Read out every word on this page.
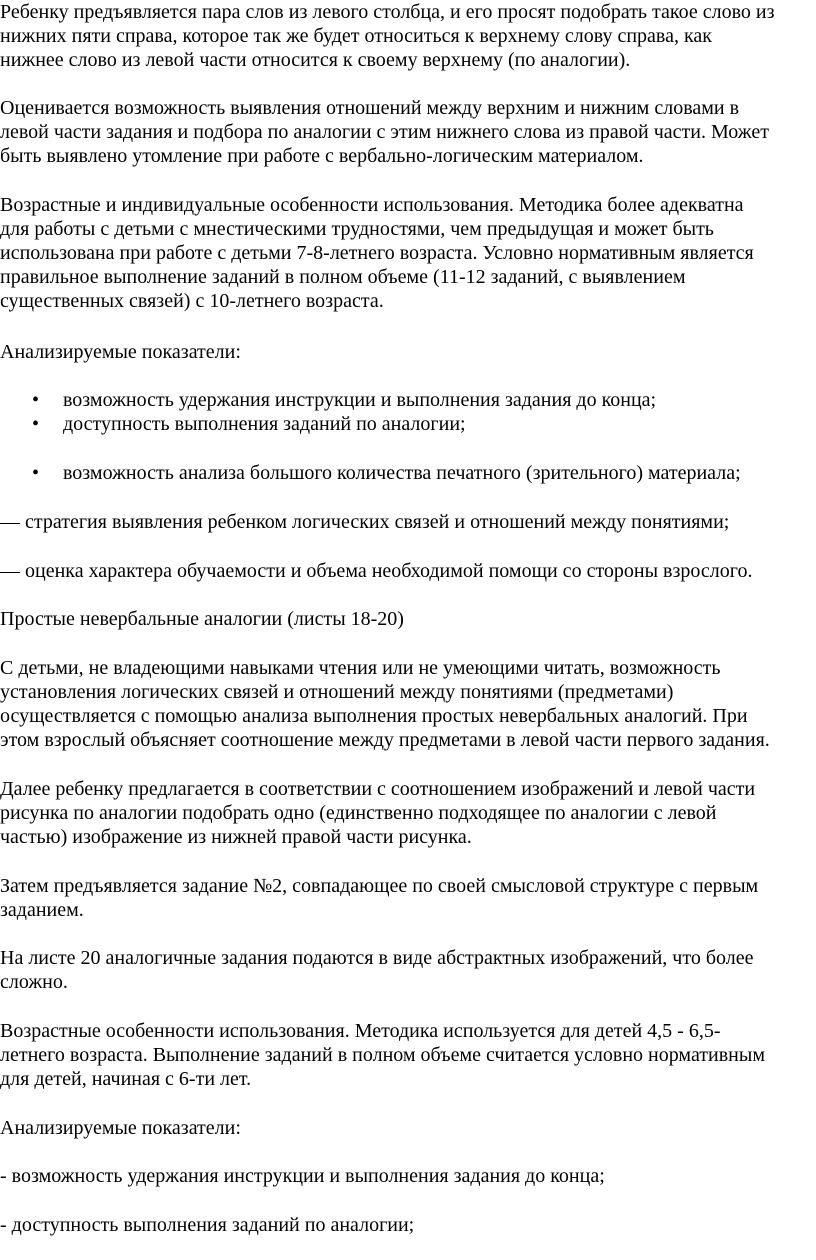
Ребенку предъявляется пара слов из левого столбца, и его просят подобрать такое слово из
нижних пяти справа, которое так же будет относиться к верхнему слову справа, как
нижнее слово из левой части относится к своему верхнему (по аналогии).

Оценивается возможность выявления отношений между верхним и нижним словами в
левой части задания и подбора по аналогии с этим нижнего слова из правой части. Может
быть выявлено утомление при работе с вербально-логическим материалом.

Возрастные и индивидуальные особенности использования. Методика более адекватна
для работы с детьми с мнестическими трудностями, чем предыдущая и может быть
использована при работе с детьми 7-8-летнего возраста. Условно нормативным является
правильное выполнение заданий в полном объеме (11-12 заданий, с выявлением
существенных связей) с 10-летнего возраста.

Анализируемые показатели:

• возможность удержания инструкции и выполнения задания до конца;
• доступность выполнения заданий по аналогии;
• возможность анализа большого количества печатного (зрительного) материала;

— стратегия выявления ребенком логических связей и отношений между понятиями;

— оценка характера обучаемости и объема необходимой помощи со стороны взрослого.

Простые невербальные аналогии (листы 18-20)

С детьми, не владеющими навыками чтения или не умеющими читать, возможность
установления логических связей и отношений между понятиями (предметами)
осуществляется с помощью анализа выполнения простых невербальных аналогий. При
этом взрослый объясняет соотношение между предметами в левой части первого задания.

Далее ребенку предлагается в соответствии с соотношением изображений и левой части
рисунка по аналогии подобрать одно (единственно подходящее по аналогии с левой
частью) изображение из нижней правой части рисунка.

Затем предъявляется задание №2, совпадающее по своей смысловой структуре с первым
заданием.

На листе 20 аналогичные задания подаются в виде абстрактных изображений, что более
сложно.

Возрастные особенности использования. Методика используется для детей 4,5 - 6,5-
летнего возраста. Выполнение заданий в полном объеме считается условно нормативным
для детей, начиная с 6-ти лет.

Анализируемые показатели:

- возможность удержания инструкции и выполнения задания до конца;

- доступность выполнения заданий по аналогии;
